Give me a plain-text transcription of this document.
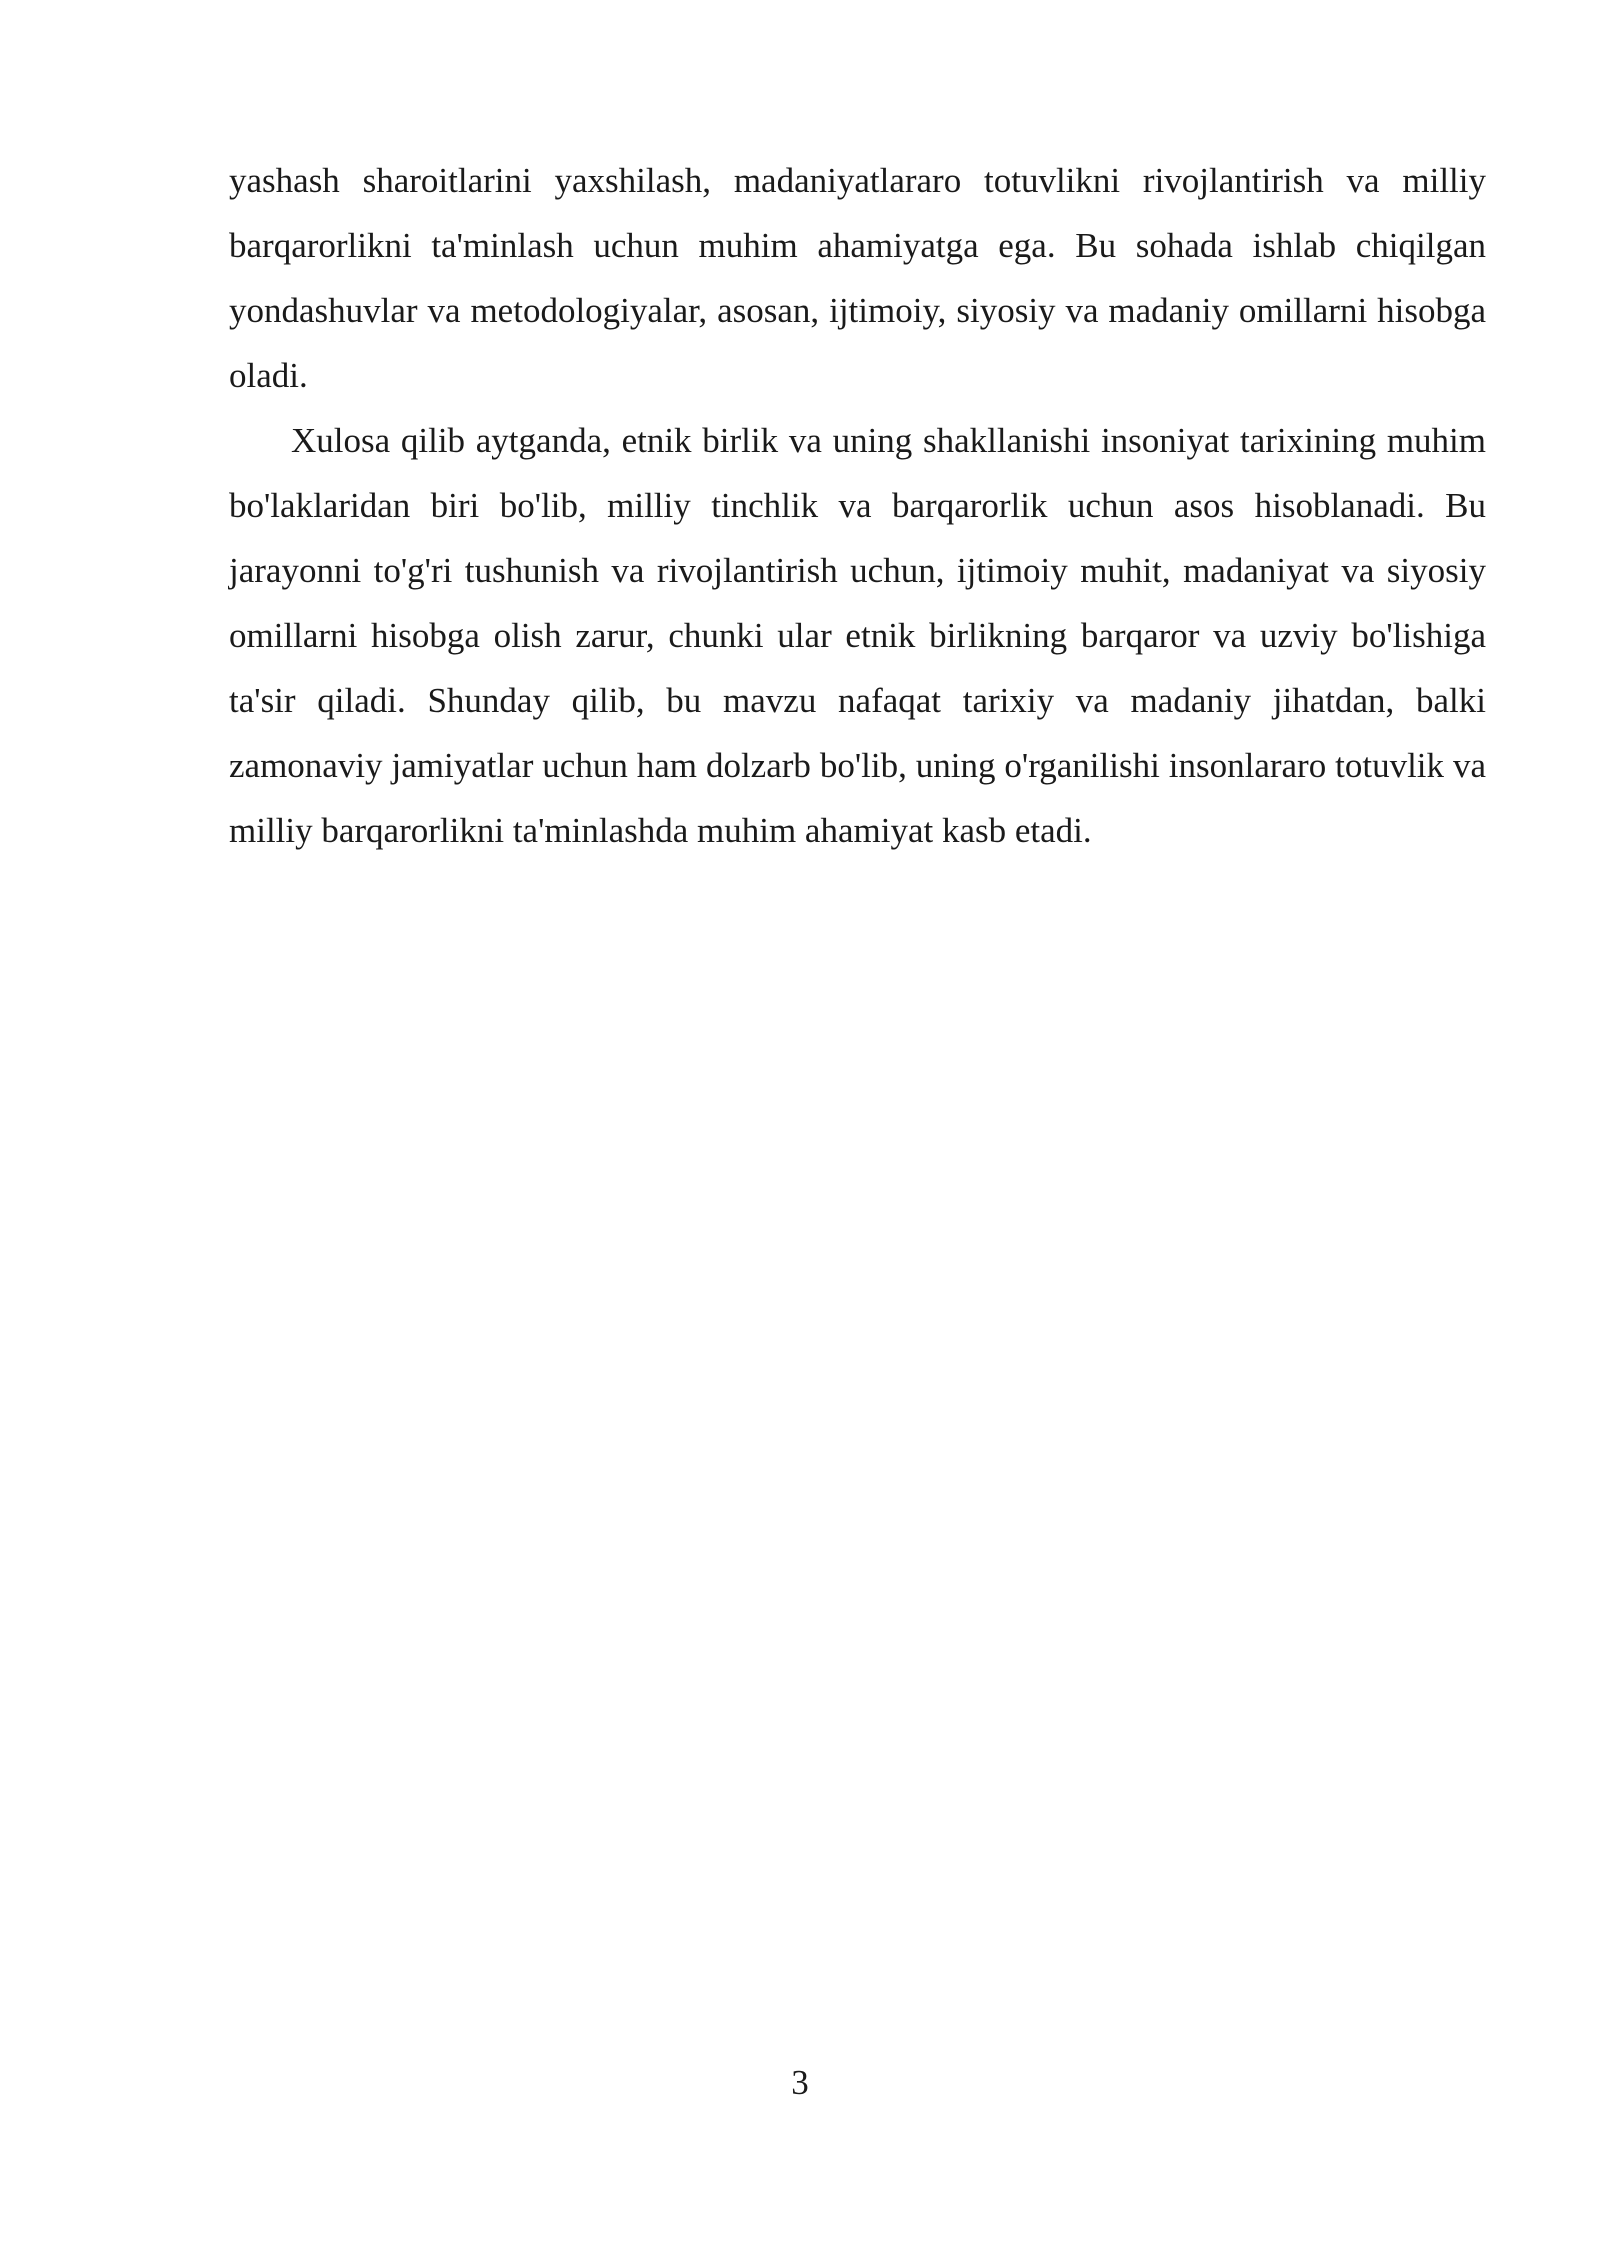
yashash sharoitlarini yaxshilash, madaniyatlararo totuvlikni rivojlantirish va milliy barqarorlikni ta'minlash uchun muhim ahamiyatga ega. Bu sohada ishlab chiqilgan yondashuvlar va metodologiyalar, asosan, ijtimoiy, siyosiy va madaniy omillarni hisobga oladi.

Xulosa qilib aytganda, etnik birlik va uning shakllanishi insoniyat tarixining muhim bo'laklaridan biri bo'lib, milliy tinchlik va barqarorlik uchun asos hisoblanadi. Bu jarayonni to'g'ri tushunish va rivojlantirish uchun, ijtimoiy muhit, madaniyat va siyosiy omillarni hisobga olish zarur, chunki ular etnik birlikning barqaror va uzviy bo'lishiga ta'sir qiladi. Shunday qilib, bu mavzu nafaqat tarixiy va madaniy jihatdan, balki zamonaviy jamiyatlar uchun ham dolzarb bo'lib, uning o'rganilishi insonlararo totuvlik va milliy barqarorlikni ta'minlashda muhim ahamiyat kasb etadi.

3
